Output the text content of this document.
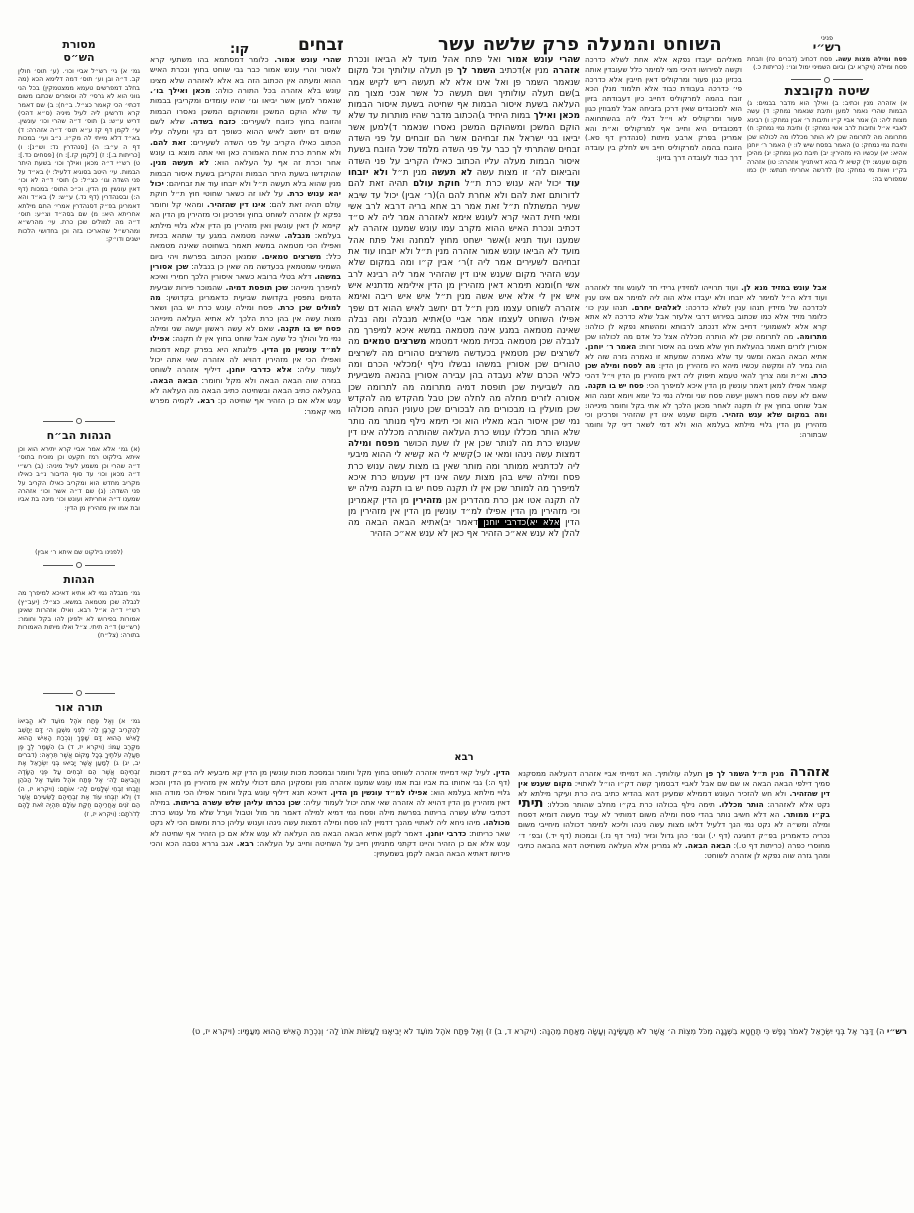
קו:	זבחים	השוחט והמעלה פרק שלשה עשר
מסורת
הש״ס
גמ׳ א) גי׳ רש״ל אביי וכו׳. (ע׳ תוס׳ חולין קב. ד״ה ובן וע׳ תוס׳ דמה דלימא הכא (מה בחלב דמפרשים טעמא ממצטמקין) בכל הני גווני הוא לא גרסי׳ לה וסופרים שכתבו משום דכתי׳ הכי קאמר כצ״ל. ב״ח): ב) שם דאמר קרא ודרשינן ליה לעיל מיניה (ס״א דהכי) דריש ע״ש: ג) תוס׳ ד״ה שהרי וכו׳ עונשין. עי׳ לקמן דף קז ע״א תוס׳ ד״ה אזהרה: ד) בא״ד דלא מייתי לה מק״ו. נ״ב ועי׳ במכות דף ה ע״ב: ה) [סנהדרין נד: וש״נ]: ו) [כריתות ב.]: ז) [לקמן קז.]: ח) [פסחים כד.]: ט) רש״י ד״ה מכאן ואילך וכו׳ בשעת היתר הבמות. עי׳ היטב בסוגיא דלעיל: י) בא״ד על פני השדה וגו׳ כצ״ל: כ) תוס׳ ד״ה לא וכו׳ דאין עונשין מן הדין. וכ״כ התוס׳ במכות (דף ה:) ובסנהדרין (דף נד.) ע״ש: ל) בא״ד והא דאמרינן בפ״ק דסנהדרין אמרי׳ התם מילתא אחריתא היא: מ) שם בסה״ד וצ״ע: תוס׳ ד״ה מה למולים שכן כרת. עי׳ מהרש״א ומהרש״ל שהאריכו בזה וכן בחדושי הלכות ישנים ודו״ק:
הגהות הב״ח
(א) גמ׳ אלא אמר אביי קרא יתירא הוא וכן איתא בילקוט רמז תקעט וכן מוכיח בתוס׳ ד״ה שהרי וכן משמע לעיל מיניה: (ב) רש״י ד״ה מכאן וכו׳ עד סוף הדיבור נ״ב כאילו מקריב מחדש הוא ומקריב כאילו הקריב על פני השדה: (ג) שם ד״ה אשר וכו׳ אזהרה שמענו ד״ה אחריתא ועונש וכו׳ מינה בת אביו ובת אמו אין מזהירין מן הדין:
(לפנינו בילקוט שם איתא ר׳ אבין)
הגהות
גמ׳ מנבלה נמי לא אתיא דאיכא למיפרך מה לנבלה שכן מטמאה במשא. כצ״ל: (יעב״ץ) רש״י ד״ה א״ל רבא. ואילו אזהרות שאינן אמורות בפירוש לא ילפינן להו בקל וחומר: (רש״ש) ד״ה תיתי. צ״ל ואלו מיתות האמורות בתורה: (צל״ח)
תורה אור
גמ׳ א) וְאֶל פֶּתַח אֹהֶל מוֹעֵד לֹא הֱבִיאוֹ לְהַקְרִיב קָרְבָּן לַה׳ לִפְנֵי מִשְׁכַּן ה׳ דָּם יֵחָשֵׁב לָאִישׁ הַהוּא דָּם שָׁפָךְ וְנִכְרַת הָאִישׁ הַהוּא מִקֶּרֶב עַמּוֹ: (ויקרא יז, ד) ב) הִשָּׁמֶר לְךָ פֶּן תַּעֲלֶה עֹלֹתֶיךָ בְּכָל מָקוֹם אֲשֶׁר תִּרְאֶה: (דברים יב, יג) ג) לְמַעַן אֲשֶׁר יָבִיאוּ בְּנֵי יִשְׂרָאֵל אֶת זִבְחֵיהֶם אֲשֶׁר הֵם זֹבְחִים עַל פְּנֵי הַשָּׂדֶה וֶהֱבִיאֻם לַה׳ אֶל פֶּתַח אֹהֶל מוֹעֵד אֶל הַכֹּהֵן וְזָבְחוּ זִבְחֵי שְׁלָמִים לַה׳ אוֹתָם: (ויקרא יז, ה) ד) וְלֹא יִזְבְּחוּ עוֹד אֶת זִבְחֵיהֶם לַשְּׂעִירִם אֲשֶׁר הֵם זֹנִים אַחֲרֵיהֶם חֻקַּת עוֹלָם תִּהְיֶה זֹּאת לָהֶם לְדֹרֹתָם: (ויקרא יז, ז)
שהרי עונש אמור. כלומר דמסתמא בהו משתעי קרא לאסור והרי עונש אמור כבר גבי שוחט בחוץ ונכרת האיש ההוא ומעתה אין הכתוב הזה בא אלא לאזהרה שלא מצינו עונש בלא אזהרה בכל התורה כולה: מכאן ואילך בו׳. שנאמר למען אשר יביאו וגו׳ שהיו עומדים ומקריבין בבמות עד שלא הוקם המשכן ומשהוקם המשכן נאסרו הבמות והזובח בחוץ כזובח לשעירים: כזבח בשדה. שלא לשם שמים דם יחשב לאיש ההוא כשופך דם נקי ומעלה עליו הכתוב כאילו הקריב על פני השדה לשעירים: זאת להם. ולא אחרת כרת אחת האמורה כאן ואי אתה מוצא בו עונש אחר וכרת זה אף על העלאה הוא: לא תעשה מנין. שהוקדשו בשעת היתר הבמות והקריבן בשעת איסור הבמות מנין שהוא בלא תעשה ת״ל ולא יזבחו עוד את זבחיהם: יכול יהא ענוש כרת. על לאו זה כשאר שחוטי חוץ ת״ל חוקת עולם תהיה זאת להם: אינו דין שהזהיר. ומהאי קל וחומר נפקא לן אזהרה לשוחט בחוץ ופרכינן וכי מזהירין מן הדין הא קיימא לן דאין עונשין ואין מזהירין מן הדין אלא גלויי מילתא בעלמא: מנבלה. שאינה מטמאה במגע עד שתהא בכזית ואפילו הכי מטמאה במשא תאמר בשחוטה שאינה מטמאה כלל: משרצים טמאים. שמנאן הכתוב בפרשת ויהי ביום השמיני שמטמאין בכעדשה מה שאין כן בנבלה: שכן אסורין במשהו. דלא בטלי ברובא כשאר איסורין הלכך חמירי ואיכא למיפרך מינייהו: שכן תופסת דמיה. שהמוכר פירות שביעית הדמים נתפסין בקדושת שביעית כדאמרינן בקדושין: מה למולים שכן כרת. פסח ומילה עונש כרת יש בהן ושאר מצות עשה אין בהן כרת הלכך לא אתיא העלאה מינייהו: פסח יש בו תקנה. שאם לא עשה ראשון יעשה שני ומילה נמי מל והולך כל שעה אבל שוחט בחוץ אין לו תקנה: אפילו למ״ד עונשין מן הדין. פלוגתא היא בפרק קמא דמכות ואפילו הכי אין מזהירין דהויא לה אזהרה שאי אתה יכול לעמוד עליה: אלא כדרבי יוחנן. דיליף אזהרה לשוחט בגזרה שוה הבאה הבאה ולא מקל וחומר: הבאה הבאה. בהעלאה כתיב הבאה ובשחיטה כתיב הבאה מה העלאה לא ענש אלא אם כן הזהיר אף שחיטה כן: רבא. לקמיה מפרש מאי קאמר:
שהרי עונש אמור ואל פתח אהל מועד לא הביאו ונכרת אזהרה מנין א)דכתיב השמר לך פן תעלה עולותיך וכל מקום שנאמר השמר פן ואל אינו אלא לא תעשה ריש לקיש אמר ב)שם תעלה עולותיך ושם תעשה כל אשר אנכי מצוך מה העלאה בשעת איסור הבמות אף שחיטה בשעת איסור הבמות מכאן ואילך במות היחיד ג)הכתוב מדבר שהיו מותרות עד שלא הוקם המשכן ומשהוקם המשכן נאסרו שנאמר ד)למען אשר יביאו בני ישראל את זבחיהם אשר הם זובחים על פני השדה זבחים שהתרתי לך כבר על פני השדה מלמד שכל הזובח בשעת איסור הבמות מעלה עליו הכתוב כאילו הקריב על פני השדה והביאום לה׳ זו מצות עשה לא תעשה מנין ת״ל ולא יזבחו עוד יכול יהא ענוש כרת ת״ל חוקת עולם תהיה זאת להם לדורותם זאת להם ולא אחרת להם ה)(ר׳ אבין) יכול עד שיבא שעיר המשתלח ת״ל זאת אמר רב אחא בריה דרבא לרב אשי ומאי חזית דהאי קרא לעונש אימא לאזהרה אמר ליה לא ס״ד דכתיב ונכרת האיש ההוא מקרב עמו עונש שמענו אזהרה לא שמענו ועוד תניא ו)אשר ישחט מחוץ למחנה ואל פתח אהל מועד לא הביאו עונש אמור אזהרה מנין ת״ל ולא יזבחו עוד את זבחיהם לשעירים אמר ליה ז)ר׳ אבין ק״ו ומה במקום שלא ענש הזהיר מקום שענש אינו דין שהזהיר אמר ליה רבינא לרב אשי ח)ומנא תימרא דאין מזהירין מן הדין אילימא מדתניא איש איש אין לי אלא איש אשה מנין ת״ל איש איש ריבה ואימא אזהרה לשוחט עצמו מנין ת״ל דם יחשב לאיש ההוא דם שפך אפילו השוחט לעצמו אמר אביי ט)אתיא מנבלה ומה נבלה שאינה מטמאה במגע אינה מטמאה במשא איכא למיפרך מה לנבלה שכן מטמאה בכזית ממאי דמטמא משרצים טמאים מה לשרצים שכן מטמאין בכעדשה משרצים טהורים מה לשרצים טהורים שכן אסורין במשהו נבשלו נילף י)מכלאי הכרם ומה כלאי הכרם שלא נעבדה בהן עבירה אסורין בהנאה משביעית מה לשביעית שכן תופסת דמיה מתרומה מה לתרומה שכן אסורה לזרים מחלה מה לחלה שכן טבל מהקדש מה להקדש שכן מועלין בו מבכורים מה לבכורים שכן טעונין הנחה מכולהו נמי שכן איסור הבא מאליו הוא וכי תימא נילף מנותר מה נותר שלא הותר מכללו ענוש כרת העלאה שהותרה מכללה אינו דין שענוש כרת מה לנותר שכן אין לו שעת הכושר מפסח ומילה דמצות עשה נינהו ומאי או כ)קשיא לי הא קשיא לי ההוא מיבעי ליה לכדתניא ממותר ומה מותר שאין בו מצות עשה ענוש כרת פסח ומילה שיש בהן מצות עשה אינו דין שענוש כרת איכא למיפרך מה למותר שכן אין לו תקנה פסח יש בו תקנה מילה יש לה תקנה אטו אנן כרת מהדרינן אנן מזהירין מן הדין קאמרינן וכי מזהירין מן הדין אפילו למ״ד עונשין מן הדין אין מזהירין מן הדין אלא יא)כדרבי יוחנן דאמר יב)אתיא הבאה הבאה מה להלן לא ענש אא״כ הזהיר אף כאן לא ענש אא״כ הזהיר
רבא
מאליהם יעבדו נפקא אלא אחת לשלא כדרכה וקשה לפירושו דהיכי מצי למימר כלל שעובדין אותה בכזיון כגון פעור ומרקוליס דאין חייבין אלא כדרכה פי׳ כדרכה בעבודת כבוד אלא תלמוד מנלן הכא זובח בהמה למרקוליס דחייב כיון דעבודתה בזיון הוא למכובדים שאין דרכן בזביחה אבל למבוזין כגון פעור ומרקוליס לא וי״ל דגלי ליה בהשתחואה דמכובדים היא וחייב אף למרקוליס וא״ת והא אמרינן בפרק ארבע מיתות (סנהדרין דף סא.) הזובח בהמה למרקוליס חייב ויש לחלק בין עובדה דרך כבוד לעובדה דרך בזיון:
אבל עונש במזיד מנא לן. ועוד תרוייהו למזידין גרידי חד לעונש וחד לאזהרה ועוד דלא ה״ל למימר לא יזבחו ולא יעבדו אלא הוה ליה למימר אם אינו ענין לכדרכה של מזידין תנהו ענין לשלא כדרכה: לאלהים יחרם. תנהו ענין כו׳ כלומר מזיד אלא כמו שכתוב בפירוש דרבי אלעזר אבל שלא כדרכה לא אתא קרא אלא לאשמועי׳ דחייב אלא דנכתב לרבותא ומהשתא נפקא לן כולהו: מתרומה. מה לתרומה שכן לא הותרה מכללה אצל כל אדם מה לכולהו שכן אסורין לזרים תאמר בהעלאת חוץ שלא מצינו בה איסור זרות: האמר ר׳ יוחנן. אתיא הבאה הבאה ומשני עד שלא נאמרה שמעתא זו נאמרה גזרה שוה לא הוה גמיר לה ומקשה עכשיו מיהא היו מזהירין מן הדין: מה לפסח ומילה שכן כרת. וא״ת ומה צריך להאי טעמא תיפוק ליה דאין מזהירין מן הדין וי״ל דהכי קאמר אפילו למאן דאמר עונשין מן הדין איכא למיפרך הכי: פסח יש בו תקנה. שאם לא עשה פסח ראשון יעשה פסח שני ומילה נמי כל יומא ויומא זמנה הוא אבל שוחט בחוץ אין לו תקנה לאחר מכאן הלכך לא אתי בקל וחומר מינייהו: ומה במקום שלא ענש הזהיר. מקום שענש אינו דין שהזהיר ופרכינן וכי מזהירין מן הדין גלויי מילתא בעלמא הוא ולא דמי לשאר דיני קל וחומר שבתורה:
פניני
רש״י
פסח ומילה מצות עשה. פסח דכתיב (דברים טז) וזבחת פסח ומילה (ויקרא יב) וביום השמיני ימול וגו׳: (כריתות כ.)
שיטה מקובצת
א) אזהרה מנין וכתיב: ב) ואילך הוא מדבר בבמים: ג) הבמות שהרי נאמר למען ותיבת שנאמר נמחק: ד) עשה מצות ליה: ה) אמר אביי ק״ו ותיבות ר׳ אבין נמחק: ו) רבינא לאביי א״ל ותיבות לרב אשי נמחק: ז) ותיבת נמי נמחק: ח) מתרומה מה לתרומה שכן לא הותר מכללו מה לכולהו שכן ותיבת נמי נמחק: ט) האמר בפסח שיש לו: י) האמר ר׳ יוחנן אהיא: יא) עכשיו היו מזהירין: יב) תיבת כאן נמחק: יג) מהיכן מקום שענש: יד) קשיא לי בהא דאיתנייך אזהרה: טו) אזהרה בק״ו ואות מי נמחק: טז) לדרשה אחריתי תנתש: יז) כמו שמפורש בה:
הדין. לעיל קאי דמייתי אזהרה לשוחט בחוץ מקל וחומר ובמסכת מכות עונשין מן הדין קא מיבעיא ליה בפ״ק דמכות (דף ה:) גבי אחותו בת אביו ובת אמו עונש שמענו אזהרה מנין ומסקינן התם דכולי עלמא אין מזהירין מן הדין והכא גלויי מילתא בעלמא הוא: אפילו למ״ד עונשין מן הדין. דאיכא תנא דיליף עונש בקל וחומר אפילו הכי מודה הוא דאין מזהירין מן הדין דהויא לה אזהרה שאי אתה יכול לעמוד עליה: שכן נכרתו עליהן שלש עשרה בריתות. במילה דכתיבי שלש עשרה בריתות בפרשת מילה ופסח נמי דמיא למילה דאמר מר מול וטבול וערל שלא מל ענוש כרת: מכולהו. מיהו ניחא ליה לאתויי מהנך דדמיין להו פסח ומילה דמצות עשה נינהו וענוש עליהן כרת ומשום הכי לא נקט שאר כריתות: כדרבי יוחנן. דאמר לקמן אתיא הבאה הבאה מה העלאה לא ענש אלא אם כן הזהיר אף שחיטה לא ענש אלא אם כן הזהיר והיינו דקתני מתניתין חייב על השחיטה וחייב על העלאה: רבא. אגב גררא נסבה הכא והכי פירושו דאתיא הבאה הבאה לקמן בשמעתין:
אזהרה מנין ת״ל השמר לך פן תעלה עולותיך. הא דמייתי אביי אזהרה דהעלאה ממסקנא סמיך דילפי הבאה הבאה או שם שם אבל לאביי דבסמוך קשה דק״ו הו״ל לאתויי: מקום שענש אין דין שהזהיר. ולא חש להזכיר העונש דממילא שמעינן דהא בהדיא כתיב ביה כרת ועיקר מילתא לא נקט אלא לאזהרה: הותר מכללו. תימה נילף בכולהו כרת בק״ו מחלב שהותר מכללו: תיתי בק״ו ממותר. הא דלא חשיב נותר בהדי פסח ומילה משום דמותיר לא עביד מעשה דומיא דפסח ומילה ומש״ה לא נקט נמי הנך דלעיל דלאו מצות עשה נינהו וליכא למימר דכולהו מיחייבי משום נכריה כדאמרינן בפ״ק דחגיגה (דף י.) ובפ׳ כהן גדול ונזיר (נזיר דף נז.) ובמכות (דף יד.) ובפ׳ ד׳ מחוסרי כפרה (כריתות דף ט.): הבאה הבאה. לא גמרינן אלא העלאה משחיטה דהא בהבאה כתיבי ומהך גזרה שוה נפקא לן אזהרה לשוחט:
רש״י ה) דַּבֵּר אֶל בְּנֵי יִשְׂרָאֵל לֵאמֹר נֶפֶשׁ כִּי תֶחֱטָא בִשְׁגָגָה מִכֹּל מִצְוֹת ה׳ אֲשֶׁר לֹא תֵעָשֶׂינָה וְעָשָׂה מֵאַחַת מֵהֵנָּה: (ויקרא ד, ב) ז) וְאֶל פֶּתַח אֹהֶל מוֹעֵד לֹא יְבִיאֶנּוּ לַעֲשׂוֹת אֹתוֹ לַה׳ וְנִכְרַת הָאִישׁ הַהוּא מֵעַמָּיו: (ויקרא יז, ט)
